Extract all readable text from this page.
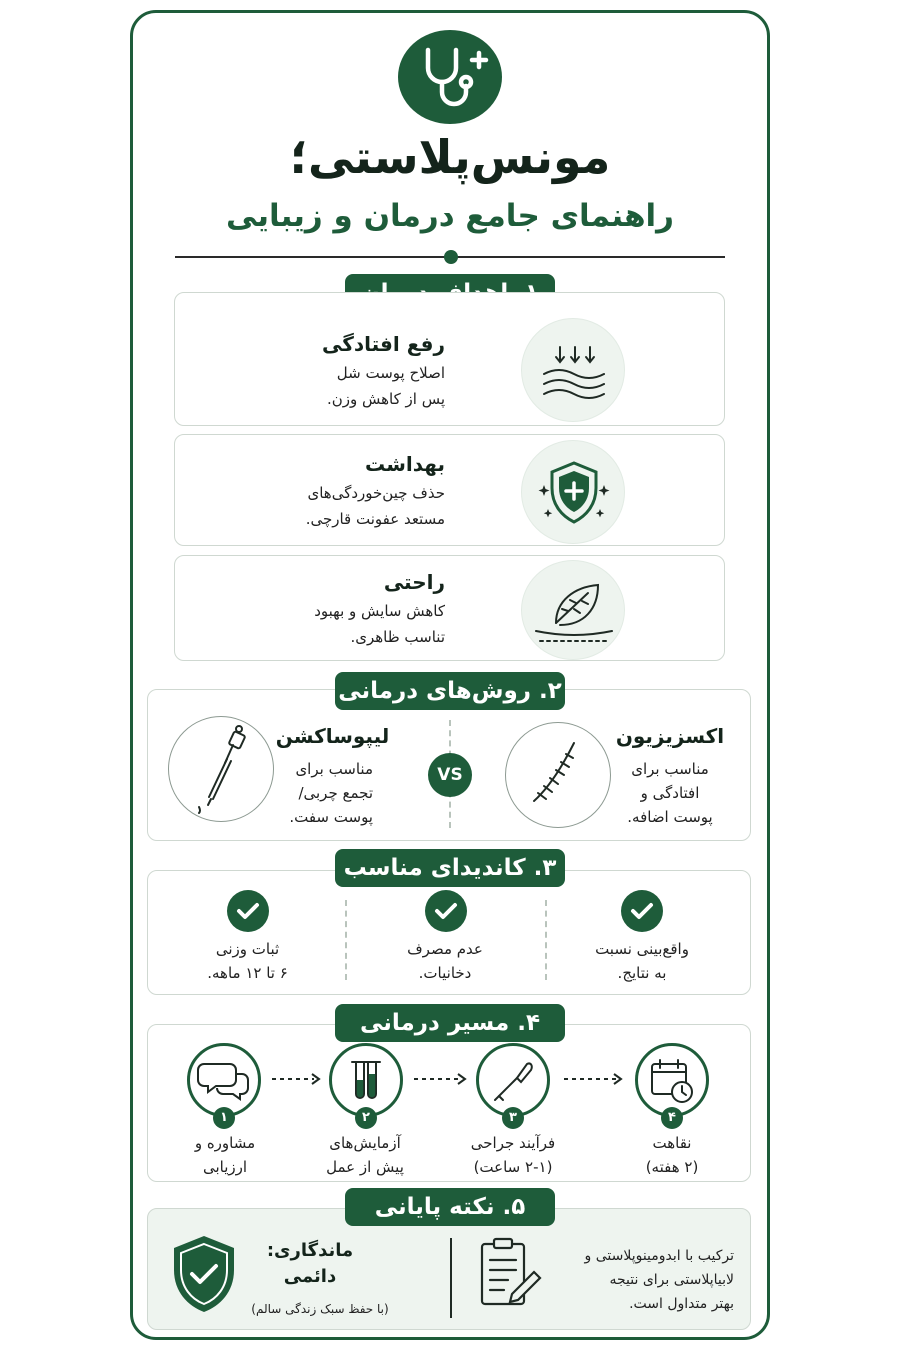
مونس‌پلاستی؛
راهنمای جامع درمان و زیبایی
رفع افتادگی
اصلاح پوست شل
پس از کاهش وزن.
بهداشت
حذف چین‌خوردگی‌های
مستعد عفونت قارچی.
راحتی
کاهش سایش و بهبود
تناسب ظاهری.
۲. روش‌های درمانی
اکسزیزیون
مناسب برای
افتادگی و
پوست اضافه.
VS
لیپوساکشن
مناسب برای
تجمع چربی/
پوست سفت.
۳. کاندیدای مناسب
واقع‌بینی نسبت
به نتایج.
عدم مصرف
دخانیات.
ثبات وزنی
۶ تا ۱۲ ماهه.
۴. مسیر درمانی
۱
مشاوره و
ارزیابی
۲
آزمایش‌های
پیش از عمل
۳
فرآیند جراحی
(۲-۱ ساعت)
۴
نقاهت
(۲ هفته)
۵. نکته پایانی
ماندگاری:
دائمی
(با حفظ سبک زندگی سالم)
ترکیب با ابدومینوپلاستی و
لابیاپلاستی برای نتیجه
بهتر متداول است.
